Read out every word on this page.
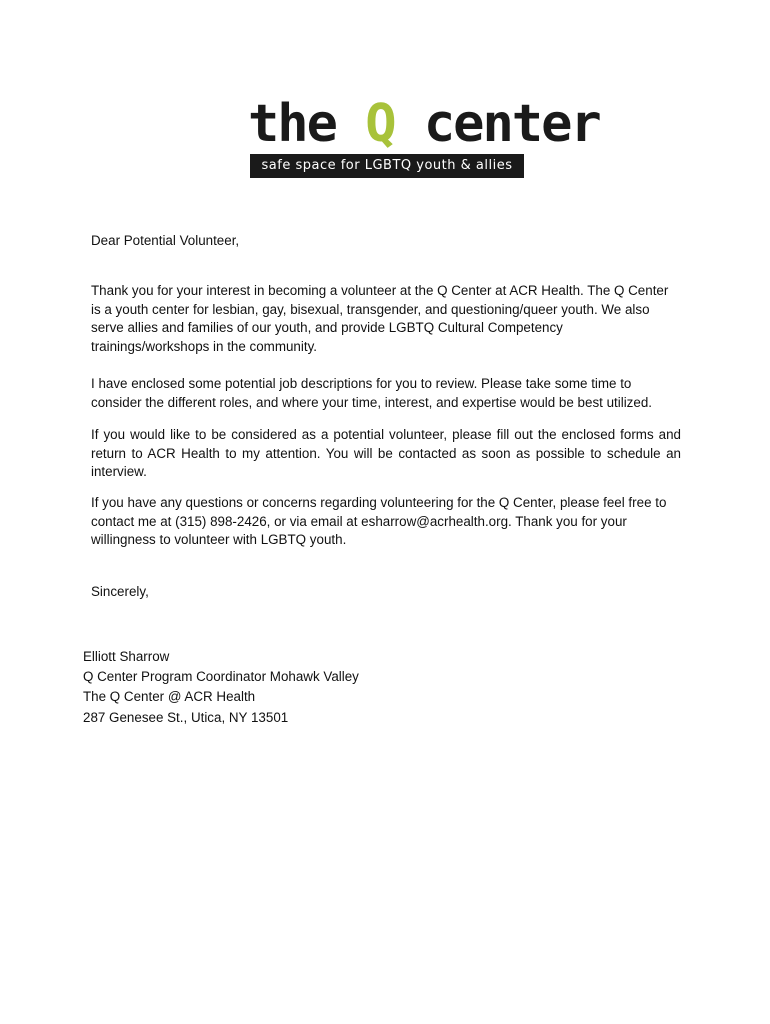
the Q center
safe space for LGBTQ youth & allies

Dear Potential Volunteer,

Thank you for your interest in becoming a volunteer at the Q Center at ACR Health. The Q Center is a youth center for lesbian, gay, bisexual, transgender, and questioning/queer youth. We also serve allies and families of our youth, and provide LGBTQ Cultural Competency trainings/workshops in the community.

I have enclosed some potential job descriptions for you to review. Please take some time to consider the different roles, and where your time, interest, and expertise would be best utilized.

If you would like to be considered as a potential volunteer, please fill out the enclosed forms and return to ACR Health to my attention. You will be contacted as soon as possible to schedule an interview.

If you have any questions or concerns regarding volunteering for the Q Center, please feel free to contact me at (315) 898-2426, or via email at esharrow@acrhealth.org. Thank you for your willingness to volunteer with LGBTQ youth.

Sincerely,

Elliott Sharrow
Q Center Program Coordinator Mohawk Valley
The Q Center @ ACR Health
287 Genesee St., Utica, NY 13501
